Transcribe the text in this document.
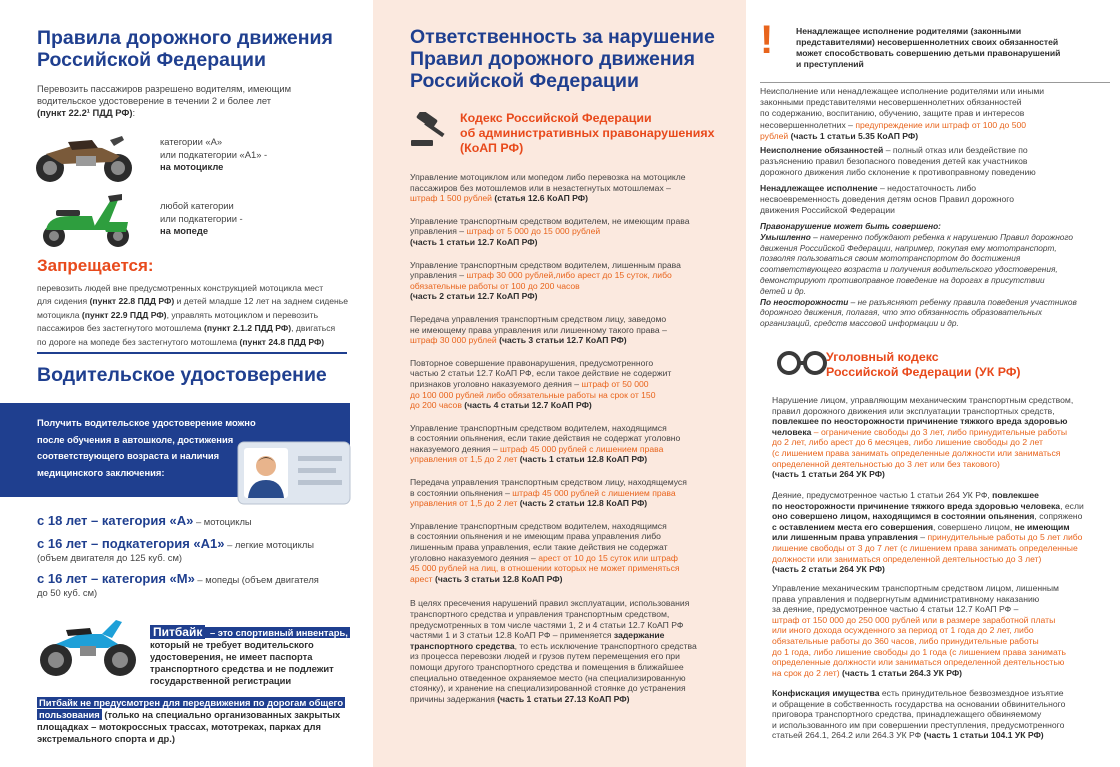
Правила дорожного движения
Российской Федерации
Перевозить пассажиров разрешено водителям, имеющим
водительское удостоверение в течении 2 и более лет
(пункт 22.2¹ ПДД РФ):
категории «А»
или подкатегории «А1» -
на мотоцикле
любой категории
или подкатегории -
на мопеде
Запрещается:
перевозить людей вне предусмотренных конструкцией мотоцикла мест
для сидения (пункт 22.8 ПДД РФ) и детей младше 12 лет на заднем сиденье
мотоцикла (пункт 22.9 ПДД РФ), управлять мотоциклом и перевозить
пассажиров без застегнутого мотошлема (пункт 2.1.2 ПДД РФ), двигаться
по дороге на мопеде без застегнутого мотошлема (пункт 24.8 ПДД РФ)
Водительское удостоверение
Получить водительское удостоверение можно
после обучения в автошколе, достижения
соответствующего возраста и наличия
медицинского заключения:
с 18 лет – категория «А» – мотоциклы
с 16 лет – подкатегория «А1» – легкие мотоциклы
(объем двигателя до 125 куб. см)
с 16 лет – категория «М» – мопеды (объем двигателя
до 50 куб. см)
Питбайк – это спортивный инвентарь,
который не требует водительского
удостоверения, не имеет паспорта
транспортного средства и не подлежит
государственной регистрации
Питбайк не предусмотрен для передвижения по дорогам общего
пользования (только на специально организованных закрытых
площадках – мотокроссных трассах, мототреках, парках для
экстремального спорта и др.)
Ответственность за нарушение
Правил дорожного движения
Российской Федерации
Кодекс Российской Федерации
об административных правонарушениях
(КоАП РФ)
Управление мотоциклом или мопедом либо перевозка на мотоцикле
пассажиров без мотошлемов или в незастегнутых мотошлемах –
штраф 1 500 рублей (статья 12.6 КоАП РФ)
Управление транспортным средством водителем, не имеющим права
управления – штраф от 5 000 до 15 000 рублей
(часть 1 статьи 12.7 КоАП РФ)
Управление транспортным средством водителем, лишенным права
управления – штраф 30 000 рублей,либо арест до 15 суток, либо
обязательные работы от 100 до 200 часов
(часть 2 статьи 12.7 КоАП РФ)
Передача управления транспортным средством лицу, заведомо
не имеющему права управления или лишенному такого права –
штраф 30 000 рублей (часть 3 статьи 12.7 КоАП РФ)
Повторное совершение правонарушения, предусмотренного
частью 2 статьи 12.7 КоАП РФ, если такое действие не содержит
признаков уголовно наказуемого деяния – штраф от 50 000
до 100 000 рублей либо обязательные работы на срок от 150
до 200 часов (часть 4 статьи 12.7 КоАП РФ)
Управление транспортным средством водителем, находящимся
в состоянии опьянения, если такие действия не содержат уголовно
наказуемого деяния – штраф 45 000 рублей с лишением права
управления от 1,5 до 2 лет (часть 1 статьи 12.8 КоАП РФ)
Передача управления транспортным средством лицу, находящемуся
в состоянии опьянения – штраф 45 000 рублей с лишением права
управления от 1,5 до 2 лет (часть 2 статьи 12.8 КоАП РФ)
Управление транспортным средством водителем, находящимся
в состоянии опьянения и не имеющим права управления либо
лишенным права управления, если такие действия не содержат
уголовно наказуемого деяния – арест от 10 до 15 суток или штраф
45 000 рублей на лиц, в отношении которых не может применяться
арест (часть 3 статьи 12.8 КоАП РФ)
В целях пресечения нарушений правил эксплуатации, использования
транспортного средства и управления транспортным средством,
предусмотренных в том числе частями 1, 2 и 4 статьи 12.7 КоАП РФ
частями 1 и 3 статьи 12.8 КоАП РФ – применяется задержание
транспортного средства, то есть исключение транспортного средства
из процесса перевозки людей и грузов путем перемещения его при
помощи другого транспортного средства и помещения в ближайшее
специально отведенное охраняемое место (на специализированную
стоянку), и хранение на специализированной стоянке до устранения
причины задержания (часть 1 статьи 27.13 КоАП РФ)
!	Ненадлежащее исполнение родителями (законными
представителями) несовершеннолетних своих обязанностей
может способствовать совершению детьми правонарушений
и преступлений
Неисполнение или ненадлежащее исполнение родителями или иными
законными представителями несовершеннолетних обязанностей
по содержанию, воспитанию, обучению, защите прав и интересов
несовершеннолетних – предупреждение или штраф от 100 до 500
рублей (часть 1 статьи 5.35 КоАП РФ)
Неисполнение обязанностей – полный отказ или бездействие по
разъяснению правил безопасного поведения детей как участников
дорожного движения либо склонение к противоправному поведению
Ненадлежащее исполнение – недостаточность либо
несвоевременность доведения детям основ Правил дорожного
движения Российской Федерации
Правонарушение может быть совершено:
Умышленно – намеренно побуждают ребенка к нарушению Правил дорожного
движения Российской Федерации, например, покупая ему мототранспорт,
позволяя пользоваться своим мототранспортом до достижения
соответствующего возраста и получения водительского удостоверения,
демонстрируют противоправное поведение на дорогах в присутствии
детей и др.
По неосторожности – не разъясняют ребенку правила поведения участников
дорожного движения, полагая, что это обязанность образовательных
организаций, средств массовой информации и др.
Уголовный кодекс
Российской Федерации (УК РФ)
Нарушение лицом, управляющим механическим транспортным средством,
правил дорожного движения или эксплуатации транспортных средств,
повлекшее по неосторожности причинение тяжкого вреда здоровью
человека – ограничение свободы до 3 лет, либо принудительные работы
до 2 лет, либо арест до 6 месяцев, либо лишение свободы до 2 лет
(с лишением права занимать определенные должности или заниматься
определенной деятельностью до 3 лет или без такового)
(часть 1 статьи 264 УК РФ)
Деяние, предусмотренное частью 1 статьи 264 УК РФ, повлекшее
по неосторожности причинение тяжкого вреда здоровью человека, если
оно совершено лицом, находящимся в состоянии опьянения, сопряжено
с оставлением места его совершения, совершено лицом, не имеющим
или лишенным права управления – принудительные работы до 5 лет либо
лишение свободы от 3 до 7 лет (с лишением права занимать определенные
должности или заниматься определенной деятельностью до 3 лет)
(часть 2 статьи 264 УК РФ)
Управление механическим транспортным средством лицом, лишенным
права управления и подвергнутым административному наказанию
за деяние, предусмотренное частью 4 статьи 12.7 КоАП РФ –
штраф от 150 000 до 250 000 рублей или в размере заработной платы
или иного дохода осужденного за период от 1 года до 2 лет, либо
обязательные работы до 360 часов, либо принудительные работы
до 1 года, либо лишение свободы до 1 года (с лишением права занимать
определенные должности или заниматься определенной деятельностью
на срок до 2 лет) (часть 1 статьи 264.3 УК РФ)
Конфискация имущества есть принудительное безвозмездное изъятие
и обращение в собственность государства на основании обвинительного
приговора транспортного средства, принадлежащего обвиняемому
и использованного им при совершении преступления, предусмотренного
статьей 264.1, 264.2 или 264.3 УК РФ (часть 1 статьи 104.1 УК РФ)
